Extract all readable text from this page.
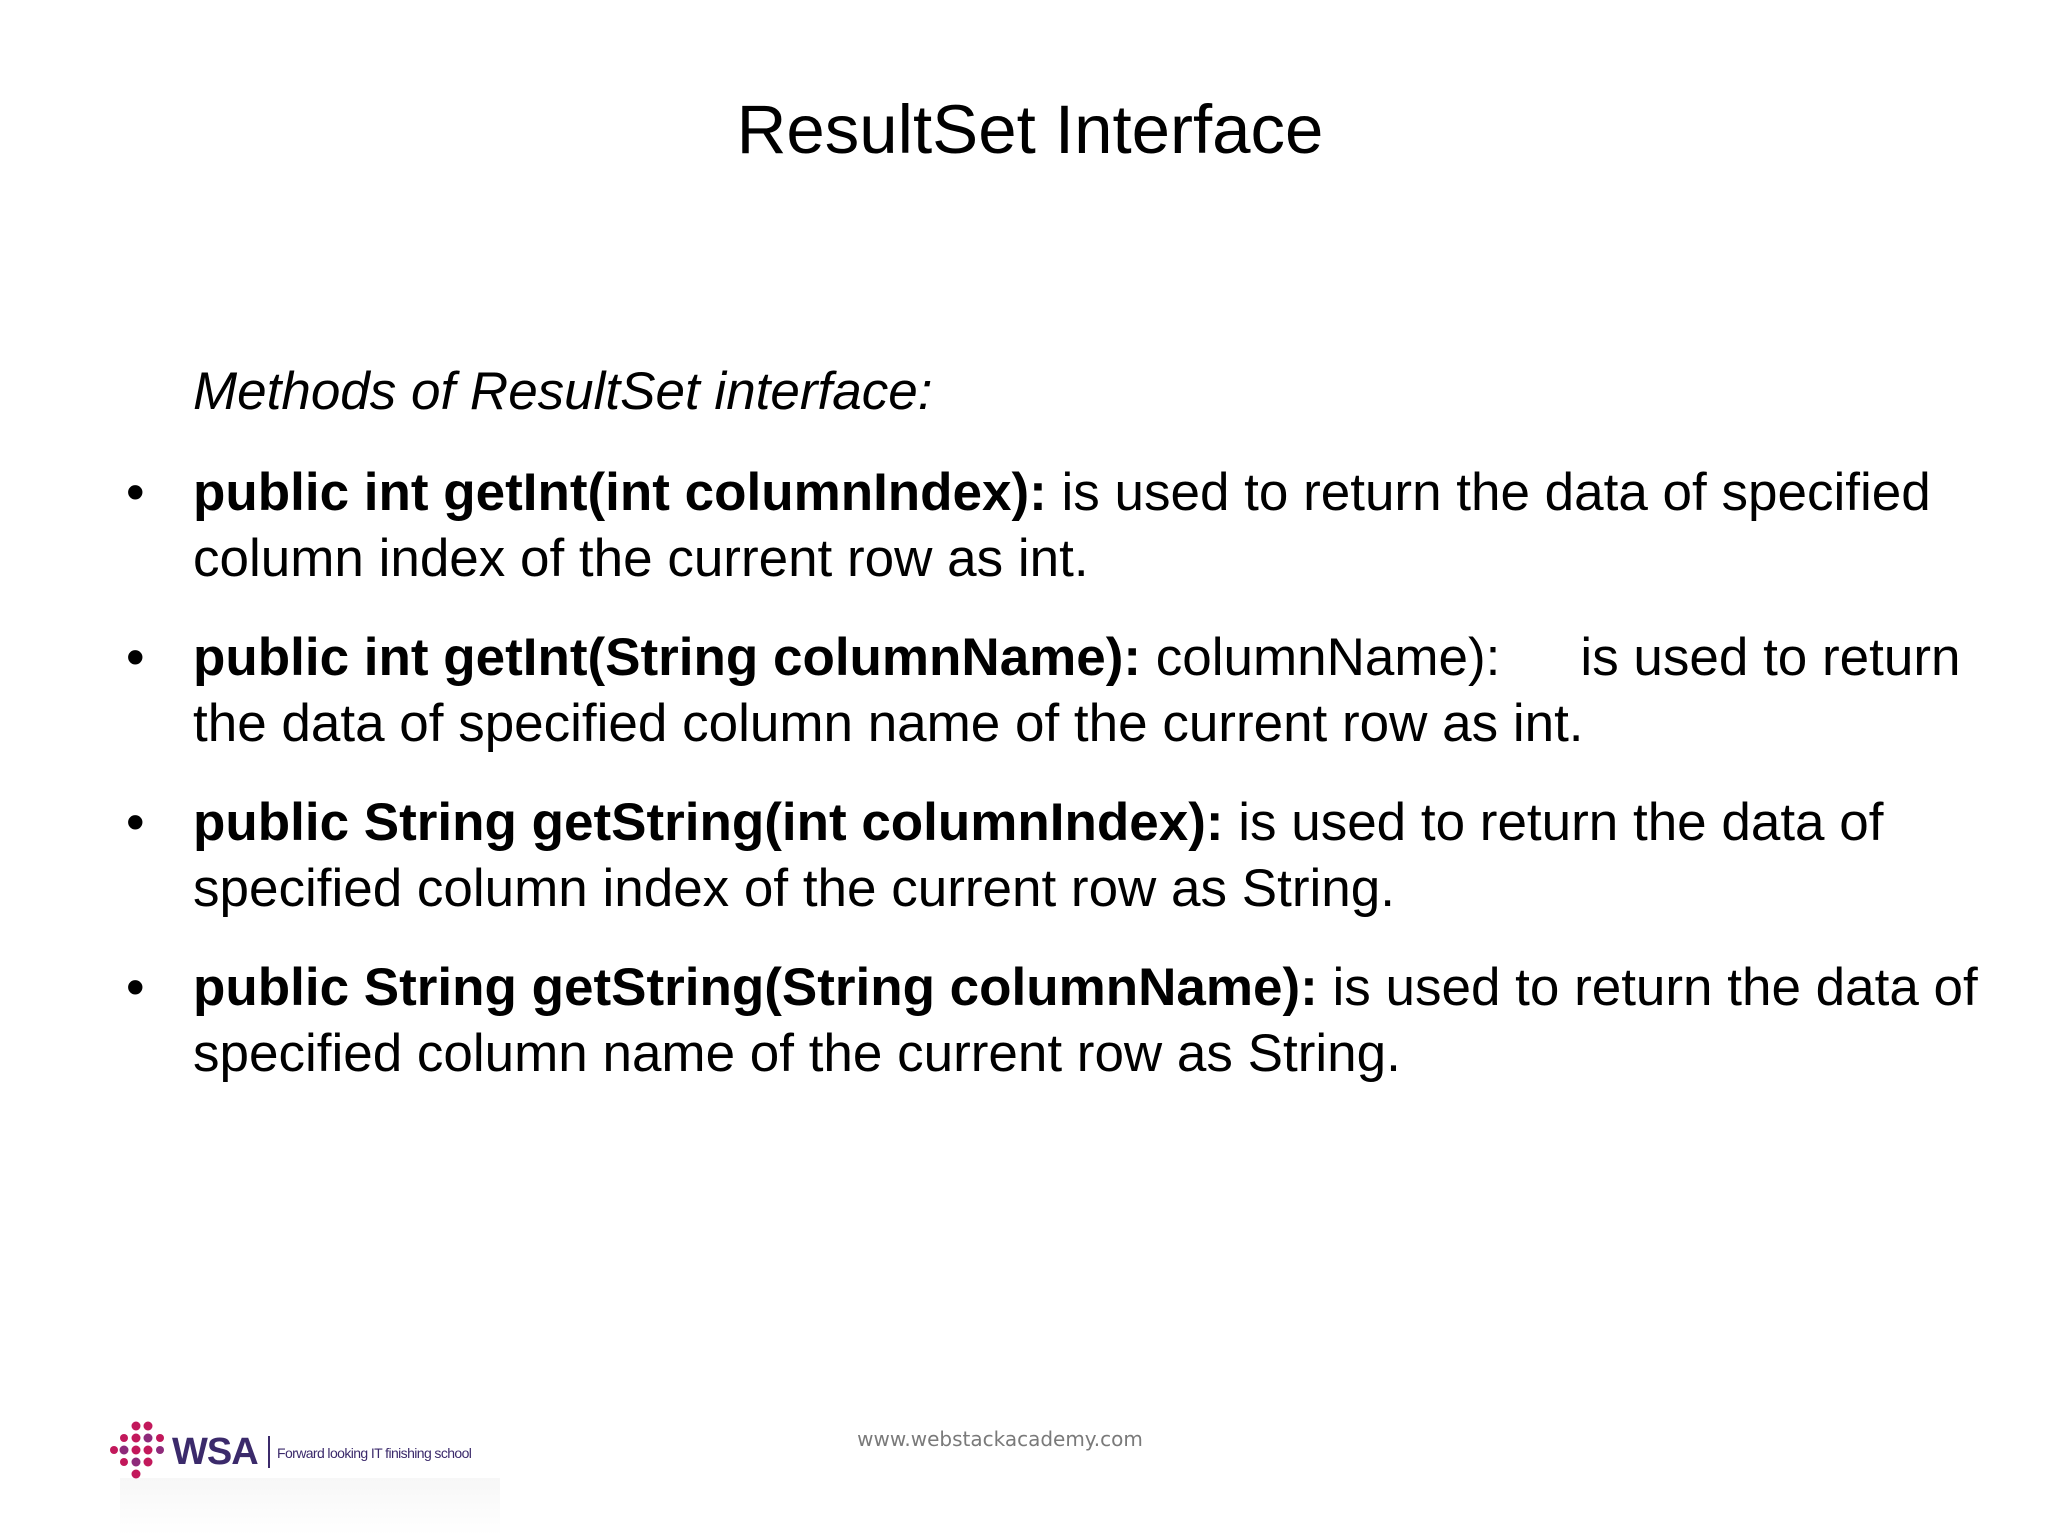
ResultSet Interface

Methods of ResultSet interface:

• public int getInt(int columnIndex): is used to return the data of specified column index of the current row as int.
• public int getInt(String columnName): columnName): is used to return the data of specified column name of the current row as int.
• public String getString(int columnIndex): is used to return the data of specified column index of the current row as String.
• public String getString(String columnName): is used to return the data of specified column name of the current row as String.
WSA Forward looking IT finishing school
www.webstackacademy.com
